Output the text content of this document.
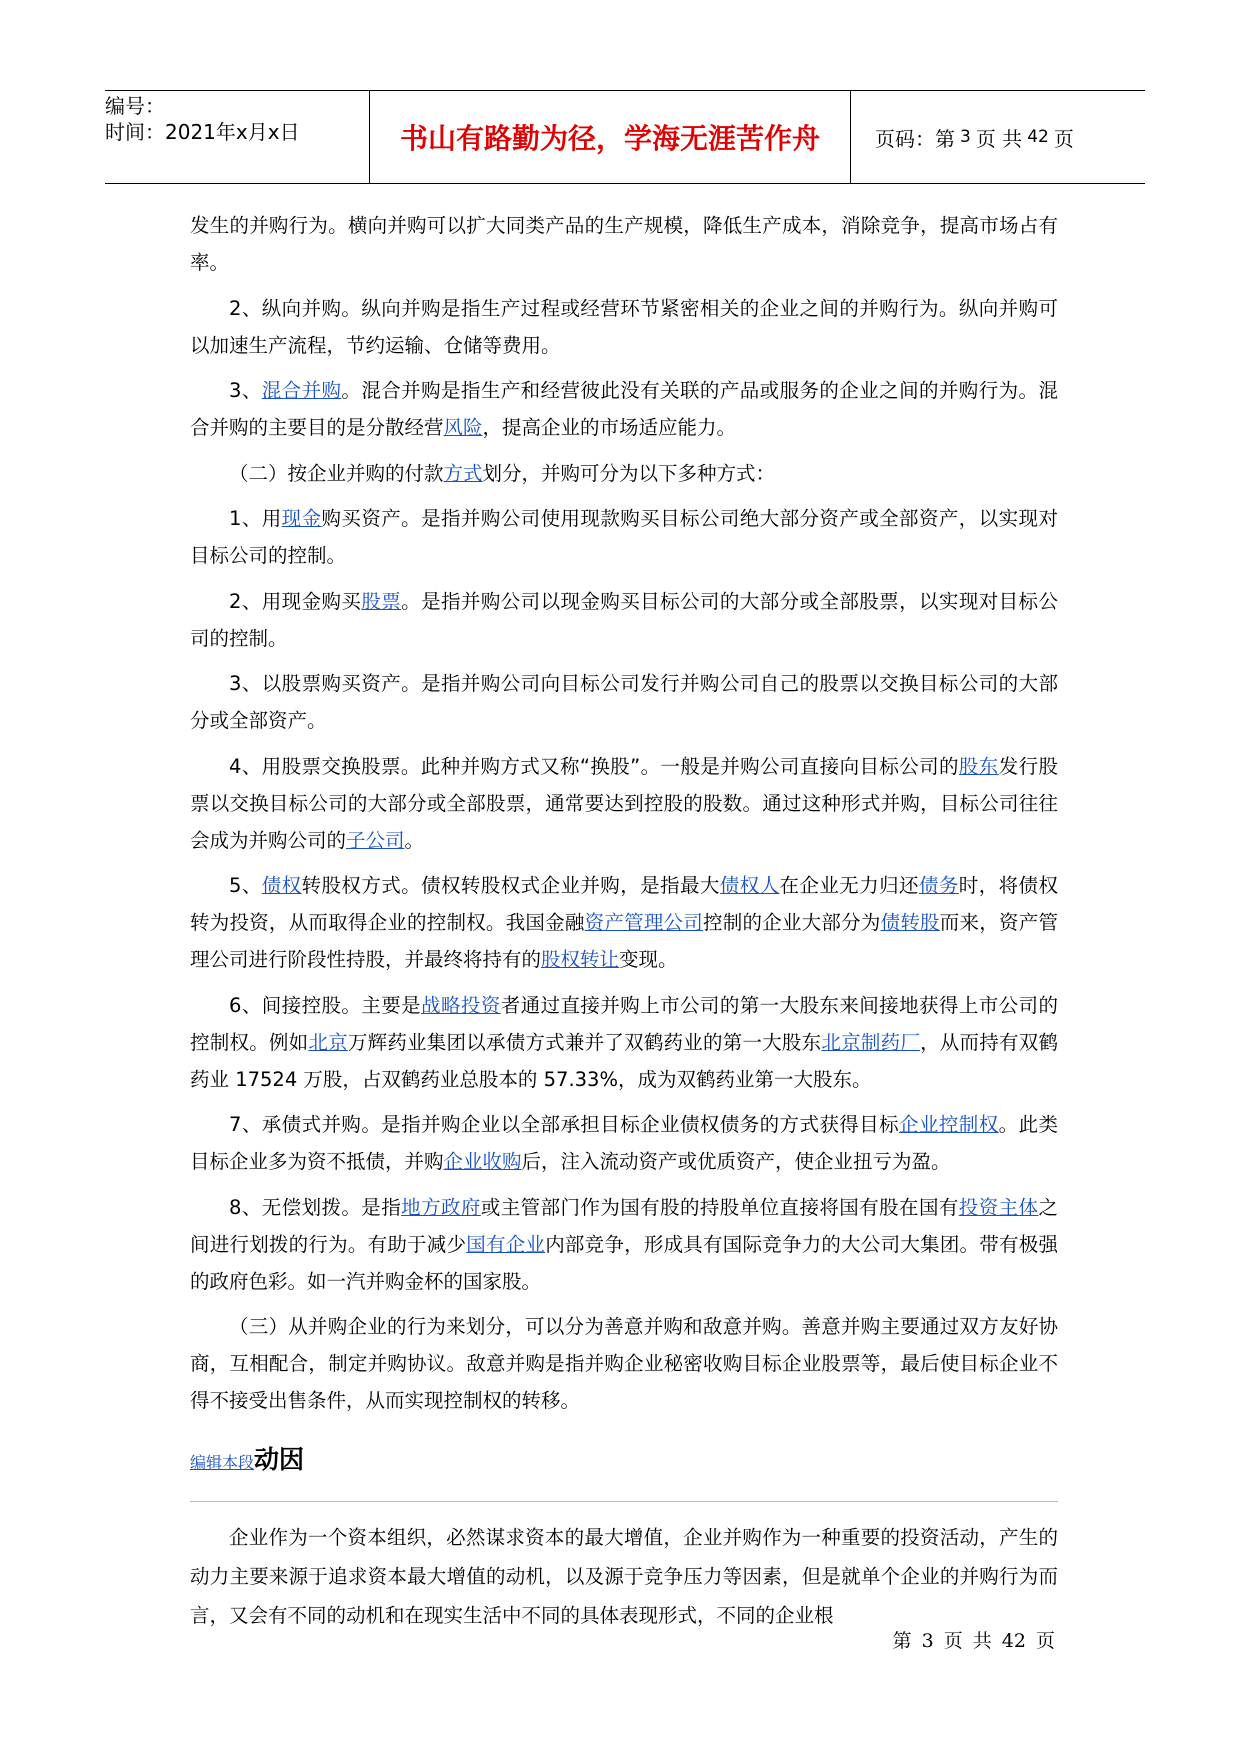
编号：
时间：2021年x月x日	书山有路勤为径，学海无涯苦作舟	页码：第 3 页 共 42 页

发生的并购行为。横向并购可以扩大同类产品的生产规模，降低生产成本，消除竞争，提高市场占有率。

2、纵向并购。纵向并购是指生产过程或经营环节紧密相关的企业之间的并购行为。纵向并购可以加速生产流程，节约运输、仓储等费用。

3、混合并购。混合并购是指生产和经营彼此没有关联的产品或服务的企业之间的并购行为。混合并购的主要目的是分散经营风险，提高企业的市场适应能力。

（二）按企业并购的付款方式划分，并购可分为以下多种方式：

1、用现金购买资产。是指并购公司使用现款购买目标公司绝大部分资产或全部资产，以实现对目标公司的控制。

2、用现金购买股票。是指并购公司以现金购买目标公司的大部分或全部股票，以实现对目标公司的控制。

3、以股票购买资产。是指并购公司向目标公司发行并购公司自己的股票以交换目标公司的大部分或全部资产。

4、用股票交换股票。此种并购方式又称“换股”。一般是并购公司直接向目标公司的股东发行股票以交换目标公司的大部分或全部股票，通常要达到控股的股数。通过这种形式并购，目标公司往往会成为并购公司的子公司。

5、债权转股权方式。债权转股权式企业并购，是指最大债权人在企业无力归还债务时，将债权转为投资，从而取得企业的控制权。我国金融资产管理公司控制的企业大部分为债转股而来，资产管理公司进行阶段性持股，并最终将持有的股权转让变现。

6、间接控股。主要是战略投资者通过直接并购上市公司的第一大股东来间接地获得上市公司的控制权。例如北京万辉药业集团以承债方式兼并了双鹤药业的第一大股东北京制药厂，从而持有双鹤药业 17524 万股，占双鹤药业总股本的 57.33%，成为双鹤药业第一大股东。

7、承债式并购。是指并购企业以全部承担目标企业债权债务的方式获得目标企业控制权。此类目标企业多为资不抵债，并购企业收购后，注入流动资产或优质资产，使企业扭亏为盈。

8、无偿划拨。是指地方政府或主管部门作为国有股的持股单位直接将国有股在国有投资主体之间进行划拨的行为。有助于减少国有企业内部竞争，形成具有国际竞争力的大公司大集团。带有极强的政府色彩。如一汽并购金杯的国家股。

（三）从并购企业的行为来划分，可以分为善意并购和敌意并购。善意并购主要通过双方友好协商，互相配合，制定并购协议。敌意并购是指并购企业秘密收购目标企业股票等，最后使目标企业不得不接受出售条件，从而实现控制权的转移。

编辑本段动因

企业作为一个资本组织，必然谋求资本的最大增值，企业并购作为一种重要的投资活动，产生的动力主要来源于追求资本最大增值的动机，以及源于竞争压力等因素，但是就单个企业的并购行为而言，又会有不同的动机和在现实生活中不同的具体表现形式，不同的企业根

第 3 页 共 42 页
